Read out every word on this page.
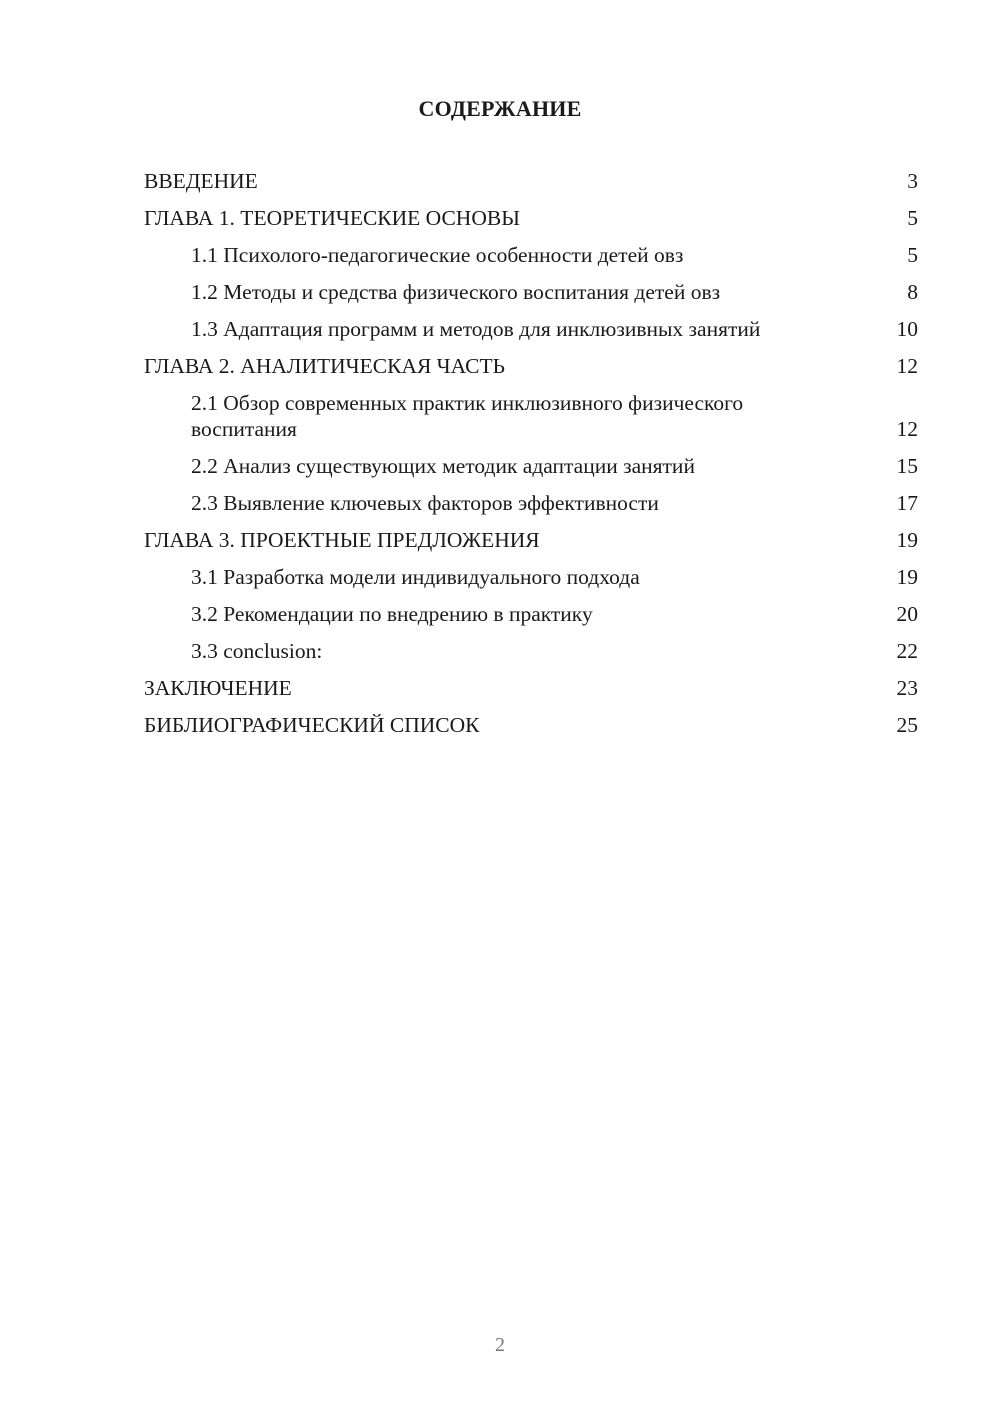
СОДЕРЖАНИЕ
ВВЕДЕНИЕ	3
ГЛАВА 1. ТЕОРЕТИЧЕСКИЕ ОСНОВЫ	5
1.1 Психолого-педагогические особенности детей овз	5
1.2 Методы и средства физического воспитания детей овз	8
1.3 Адаптация программ и методов для инклюзивных занятий	10
ГЛАВА 2. АНАЛИТИЧЕСКАЯ ЧАСТЬ	12
2.1 Обзор современных практик инклюзивного физического воспитания	12
2.2 Анализ существующих методик адаптации занятий	15
2.3 Выявление ключевых факторов эффективности	17
ГЛАВА 3. ПРОЕКТНЫЕ ПРЕДЛОЖЕНИЯ	19
3.1 Разработка модели индивидуального подхода	19
3.2 Рекомендации по внедрению в практику	20
3.3 conclusion:	22
ЗАКЛЮЧЕНИЕ	23
БИБЛИОГРАФИЧЕСКИЙ СПИСОК	25
2
